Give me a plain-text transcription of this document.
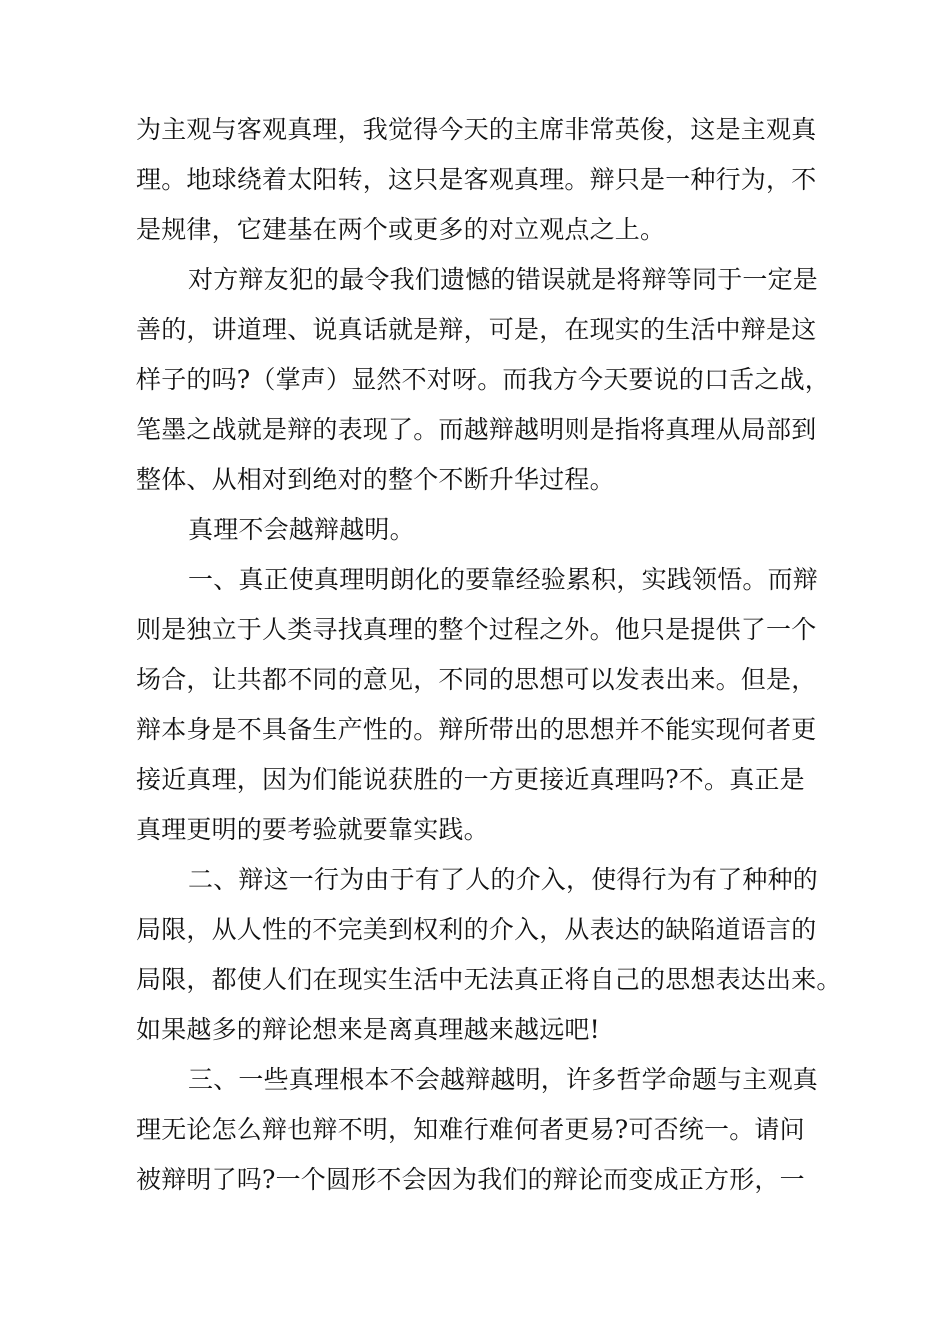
为主观与客观真理，我觉得今天的主席非常英俊，这是主观真
理。地球绕着太阳转，这只是客观真理。辩只是一种行为，不
是规律，它建基在两个或更多的对立观点之上。
对方辩友犯的最令我们遗憾的错误就是将辩等同于一定是
善的，讲道理、说真话就是辩，可是，在现实的生活中辩是这
样子的吗?（掌声）显然不对呀。而我方今天要说的口舌之战，
笔墨之战就是辩的表现了。而越辩越明则是指将真理从局部到
整体、从相对到绝对的整个不断升华过程。
真理不会越辩越明。
一、真正使真理明朗化的要靠经验累积，实践领悟。而辩
则是独立于人类寻找真理的整个过程之外。他只是提供了一个
场合，让共都不同的意见，不同的思想可以发表出来。但是，
辩本身是不具备生产性的。辩所带出的思想并不能实现何者更
接近真理，因为们能说获胜的一方更接近真理吗?不。真正是
真理更明的要考验就要靠实践。
二、辩这一行为由于有了人的介入，使得行为有了种种的
局限，从人性的不完美到权利的介入，从表达的缺陷道语言的
局限，都使人们在现实生活中无法真正将自己的思想表达出来。
如果越多的辩论想来是离真理越来越远吧!
三、一些真理根本不会越辩越明，许多哲学命题与主观真
理无论怎么辩也辩不明，知难行难何者更易?可否统一。请问
被辩明了吗?一个圆形不会因为我们的辩论而变成正方形，一
